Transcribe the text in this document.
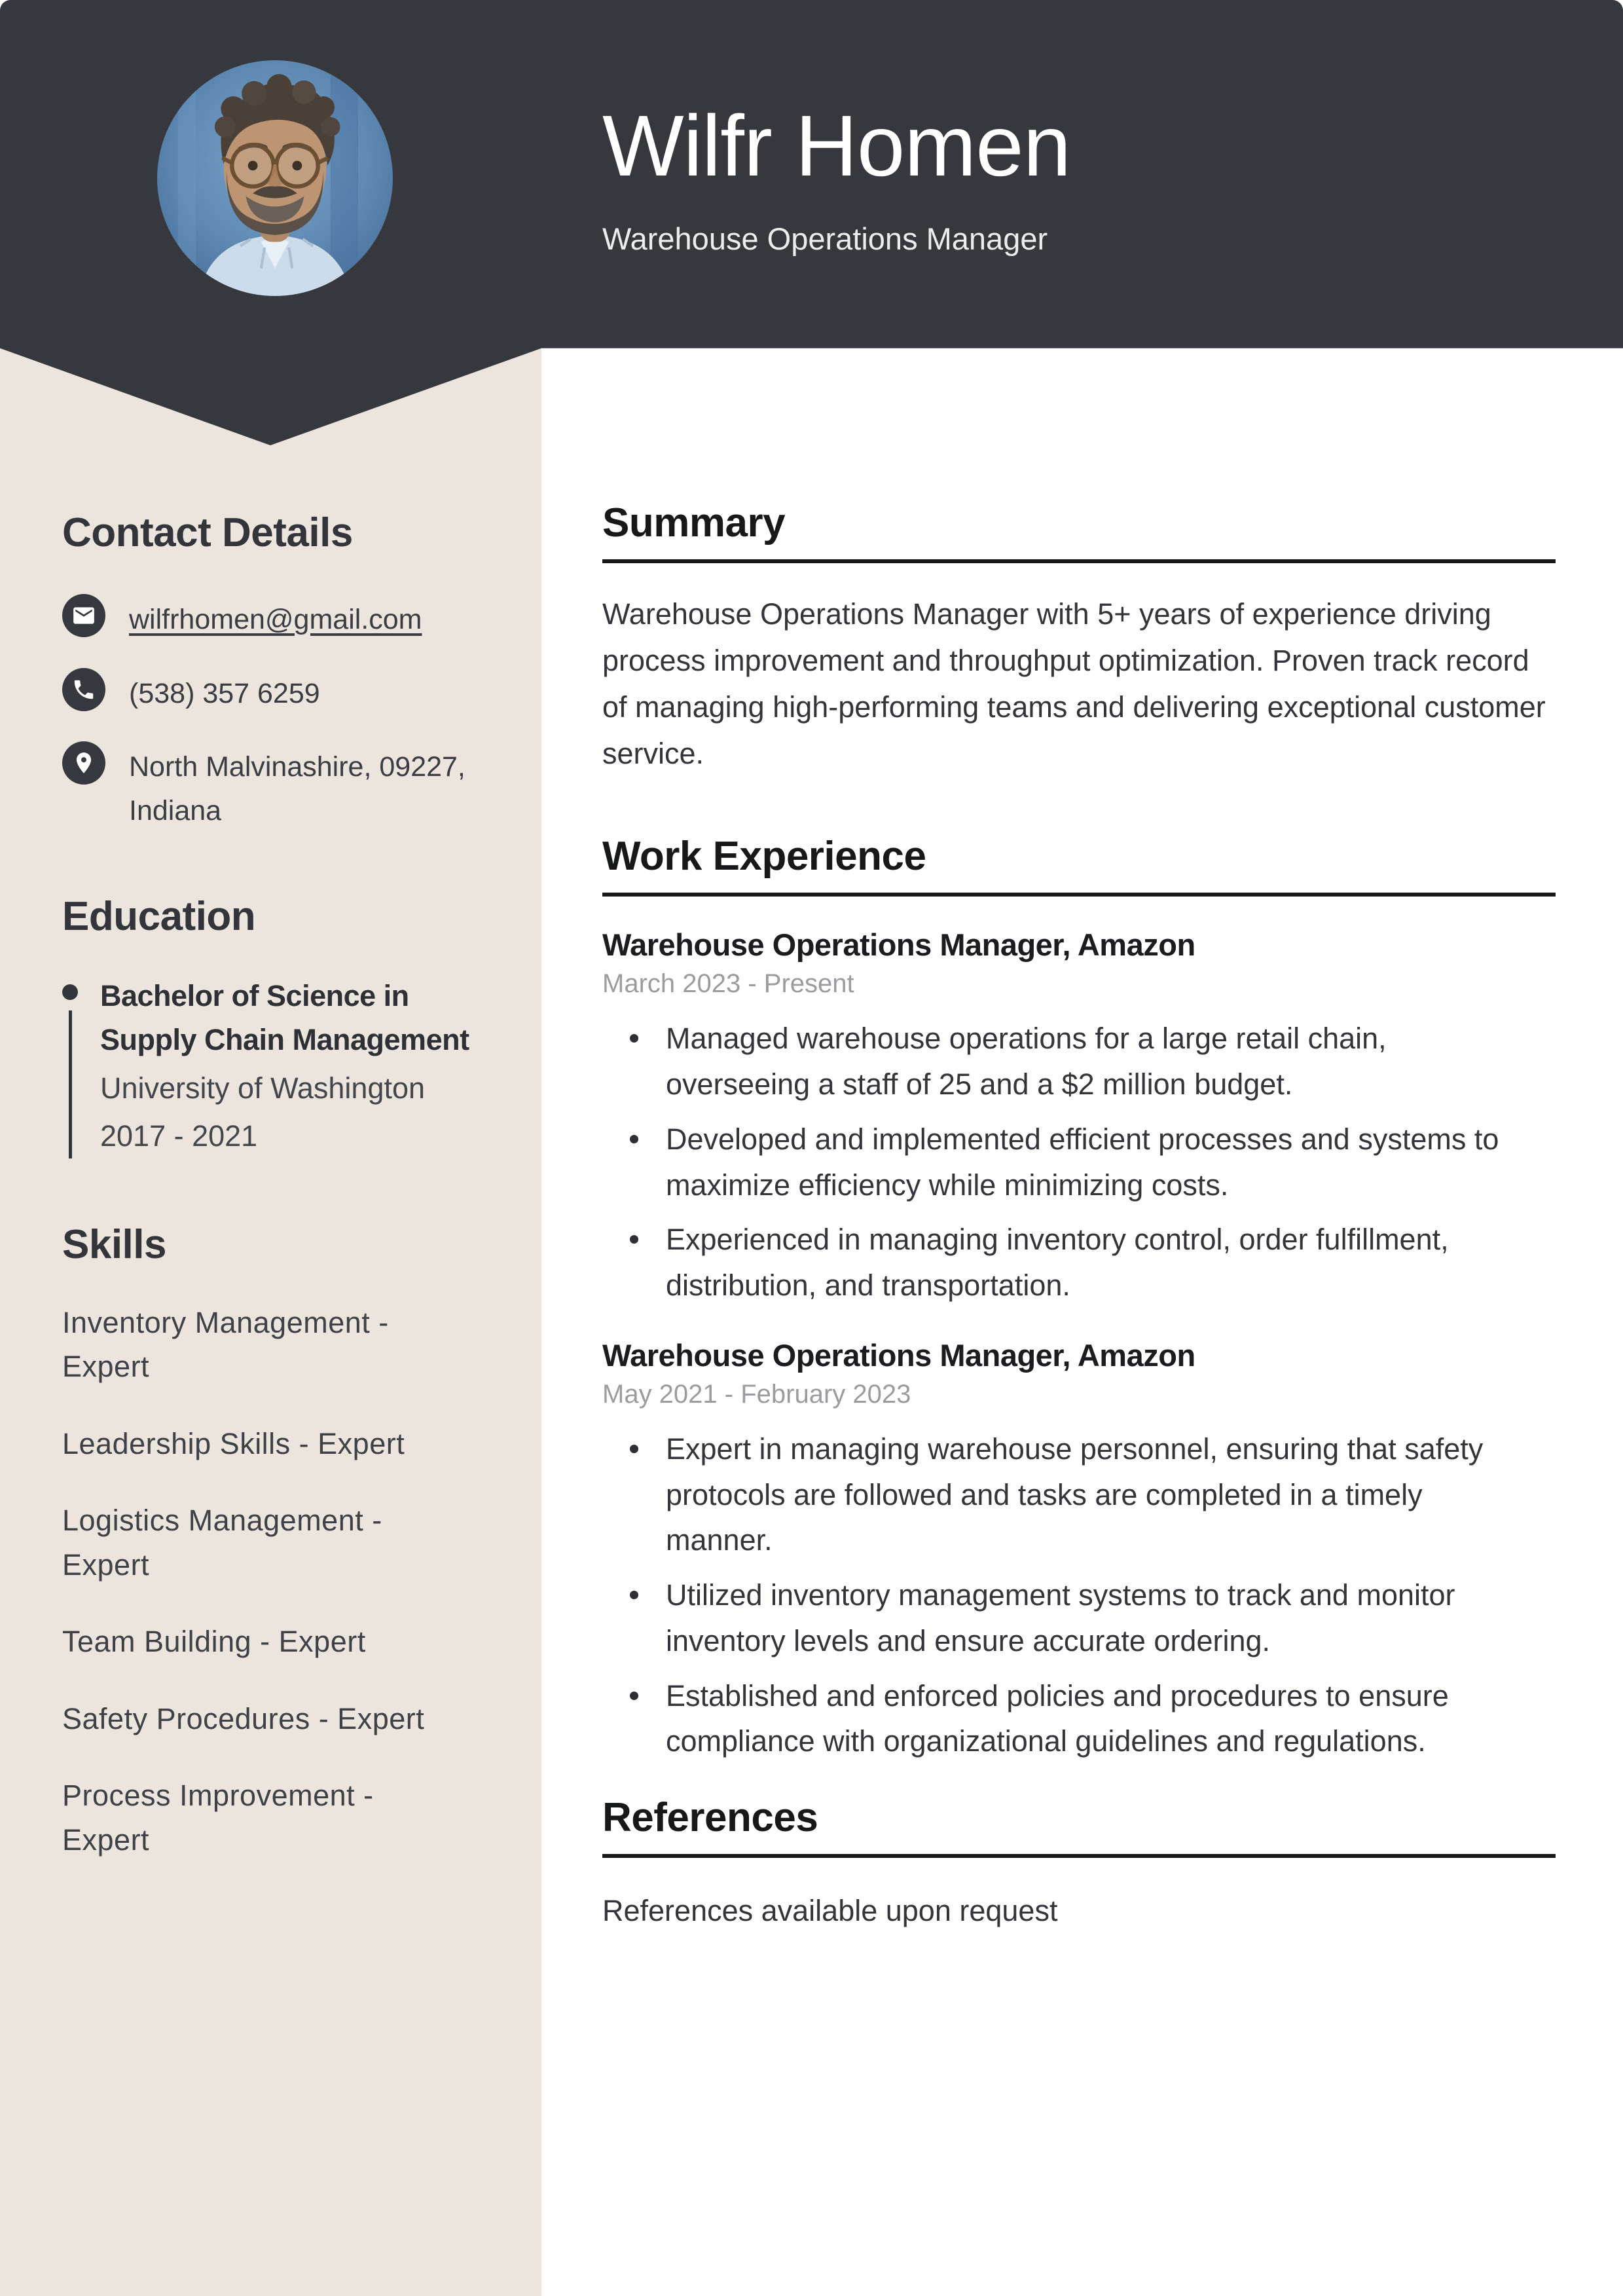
Wilfr Homen
Warehouse Operations Manager
Contact Details
wilfrhomen@gmail.com
(538) 357 6259
North Malvinashire, 09227, Indiana
Education
Bachelor of Science in Supply Chain Management
University of Washington
2017 - 2021
Skills
Inventory Management - Expert
Leadership Skills - Expert
Logistics Management - Expert
Team Building - Expert
Safety Procedures - Expert
Process Improvement - Expert
Summary

Warehouse Operations Manager with 5+ years of experience driving process improvement and throughput optimization. Proven track record of managing high-performing teams and delivering exceptional customer service.

Work Experience
Warehouse Operations Manager, Amazon
March 2023 - Present
Managed warehouse operations for a large retail chain, overseeing a staff of 25 and a $2 million budget.
Developed and implemented efficient processes and systems to maximize efficiency while minimizing costs.
Experienced in managing inventory control, order fulfillment, distribution, and transportation.
Warehouse Operations Manager, Amazon
May 2021 - February 2023
Expert in managing warehouse personnel, ensuring that safety protocols are followed and tasks are completed in a timely manner.
Utilized inventory management systems to track and monitor inventory levels and ensure accurate ordering.
Established and enforced policies and procedures to ensure compliance with organizational guidelines and regulations.
References

References available upon request
